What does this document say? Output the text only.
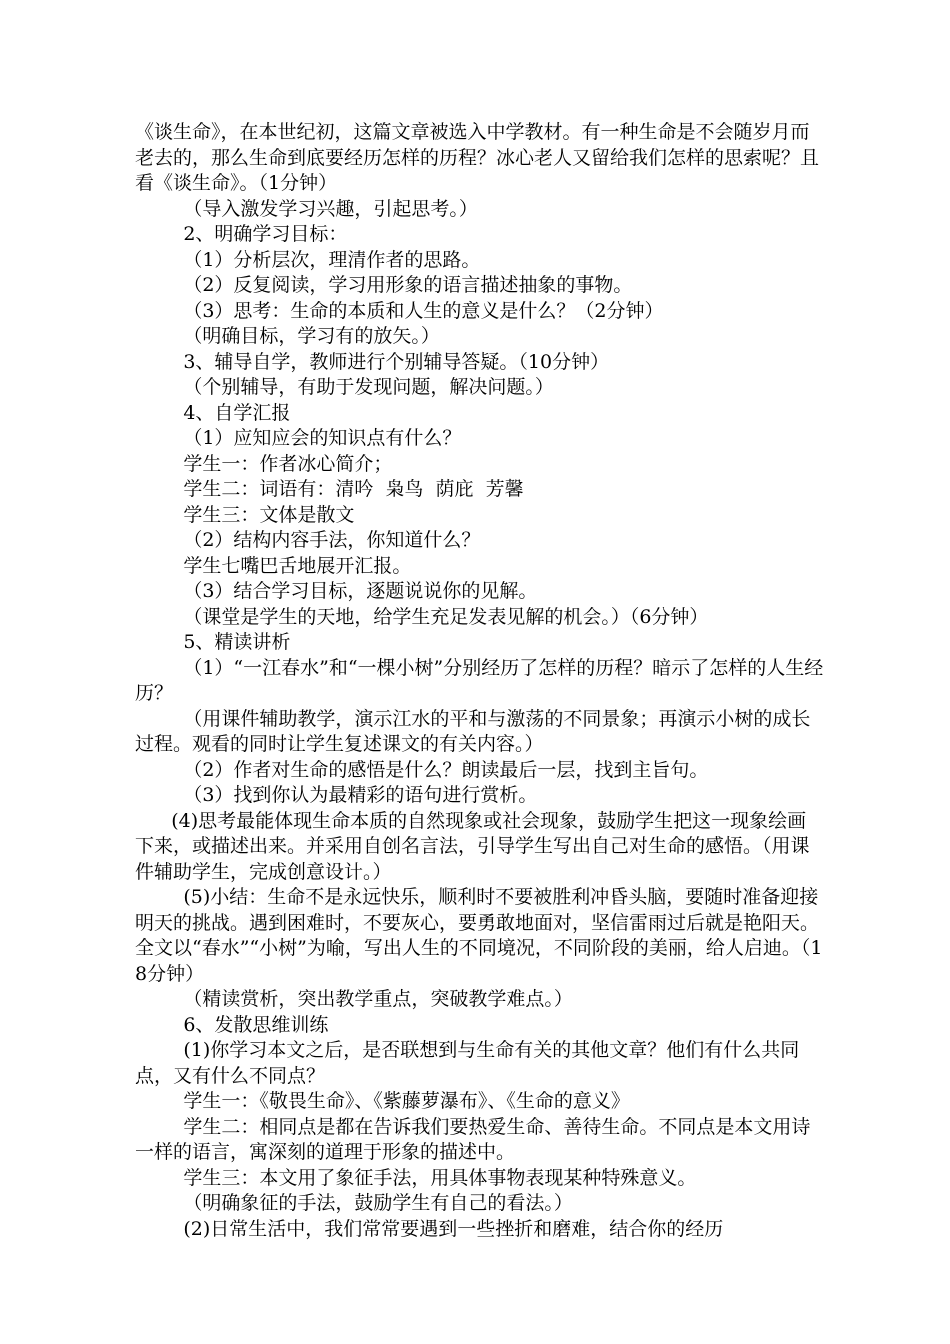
《谈生命》，在本世纪初，这篇文章被选入中学教材。有一种生命是不会随岁月而老去的，那么生命到底要经历怎样的历程？冰心老人又留给我们怎样的思索呢？且看《谈生命》。（1分钟）

（导入激发学习兴趣，引起思考。）

2、明确学习目标：

（1）分析层次，理清作者的思路。

（2）反复阅读，学习用形象的语言描述抽象的事物。

（3）思考：生命的本质和人生的意义是什么？（2分钟）

（明确目标，学习有的放矢。）

3、辅导自学，教师进行个别辅导答疑。（10分钟）

（个别辅导，有助于发现问题，解决问题。）

4、自学汇报

（1）应知应会的知识点有什么？

学生一：作者冰心简介；

学生二：词语有：清吟  枭鸟  荫庇  芳馨

学生三：文体是散文

（2）结构内容手法，你知道什么？

学生七嘴巴舌地展开汇报。

（3）结合学习目标，逐题说说你的见解。

（课堂是学生的天地，给学生充足发表见解的机会。）（6分钟）

5、精读讲析

（1）“一江春水”和“一棵小树”分别经历了怎样的历程？暗示了怎样的人生经历？

（用课件辅助教学，演示江水的平和与激荡的不同景象；再演示小树的成长过程。观看的同时让学生复述课文的有关内容。）

（2）作者对生命的感悟是什么？朗读最后一层，找到主旨句。

（3）找到你认为最精彩的语句进行赏析。

(4)思考最能体现生命本质的自然现象或社会现象，鼓励学生把这一现象绘画下来，或描述出来。并采用自创名言法，引导学生写出自己对生命的感悟。（用课件辅助学生，完成创意设计。）

(5)小结：生命不是永远快乐，顺利时不要被胜利冲昏头脑，要随时准备迎接明天的挑战。遇到困难时，不要灰心，要勇敢地面对，坚信雷雨过后就是艳阳天。全文以“春水”“小树”为喻，写出人生的不同境况，不同阶段的美丽，给人启迪。（18分钟）

（精读赏析，突出教学重点，突破教学难点。）

6、发散思维训练

(1)你学习本文之后，是否联想到与生命有关的其他文章？他们有什么共同点，又有什么不同点？

学生一：《敬畏生命》、《紫藤萝瀑布》、《生命的意义》

学生二：相同点是都在告诉我们要热爱生命、善待生命。不同点是本文用诗一样的语言，寓深刻的道理于形象的描述中。

学生三：本文用了象征手法，用具体事物表现某种特殊意义。

（明确象征的手法，鼓励学生有自己的看法。）

(2)日常生活中，我们常常要遇到一些挫折和磨难，结合你的经历
